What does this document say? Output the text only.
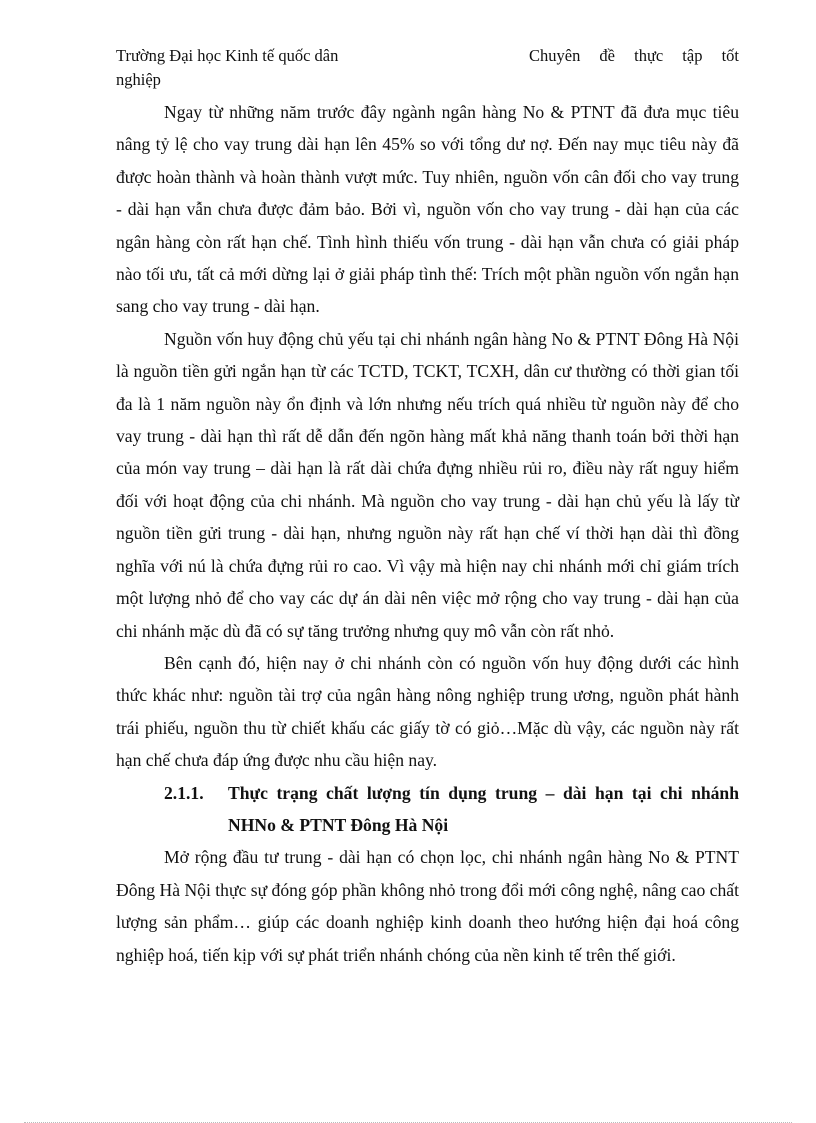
Trường Đại học Kinh tế quốc dân	Chuyên đề thực tập tốt
nghiệp

Ngay từ những năm trước đây ngành ngân hàng No & PTNT đã đưa mục tiêu nâng tỷ lệ cho vay trung dài hạn lên 45% so với tổng dư nợ. Đến nay mục tiêu này đã được hoàn thành và hoàn thành vượt mức. Tuy nhiên, nguồn vốn cân đối cho vay trung - dài hạn vẫn chưa được đảm bảo. Bởi vì, nguồn vốn cho vay trung - dài hạn của các ngân hàng còn rất hạn chế. Tình hình thiếu vốn trung - dài hạn vẫn chưa có giải pháp nào tối ưu, tất cả mới dừng lại ở giải pháp tình thế: Trích một phần nguồn vốn ngắn hạn sang cho vay trung - dài hạn.

Nguồn vốn huy động chủ yếu tại chi nhánh ngân hàng No & PTNT Đông Hà Nội là nguồn tiền gửi ngắn hạn từ các TCTD, TCKT, TCXH, dân cư thường có thời gian tối đa là 1 năm nguồn này ổn định và lớn nhưng nếu trích quá nhiều từ nguồn này để cho vay trung - dài hạn thì rất dễ dẫn đến ngõn hàng mất khả năng thanh toán bởi thời hạn của món vay trung – dài hạn là rất dài chứa đựng nhiều rủi ro, điều này rất nguy hiểm đối với hoạt động của chi nhánh. Mà nguồn cho vay trung - dài hạn chủ yếu là lấy từ nguồn tiền gửi trung - dài hạn, nhưng nguồn này rất hạn chế ví thời hạn dài thì đồng nghĩa với nú là chứa đựng rủi ro cao. Vì vậy mà hiện nay chi nhánh mới chỉ giám trích một lượng nhỏ để cho vay các dự án dài nên việc mở rộng cho vay trung - dài hạn của chi nhánh mặc dù đã có sự tăng trưởng nhưng quy mô vẫn còn rất nhỏ.

Bên cạnh đó, hiện nay ở chi nhánh còn có nguồn vốn huy động dưới các hình thức khác như: nguồn tài trợ của ngân hàng nông nghiệp trung ương, nguồn phát hành trái phiếu, nguồn thu từ chiết khấu các giấy tờ có giỏ…Mặc dù vậy, các nguồn này rất hạn chế chưa đáp ứng được nhu cầu hiện nay.

2.1.1.	Thực trạng chất lượng tín dụng trung – dài hạn tại chi nhánh NHNo & PTNT Đông Hà Nội

Mở rộng đầu tư trung - dài hạn có chọn lọc, chi nhánh ngân hàng No & PTNT Đông Hà Nội thực sự đóng góp phần không nhỏ trong đổi mới công nghệ, nâng cao chất lượng sản phẩm… giúp các doanh nghiệp kinh doanh theo hướng hiện đại hoá công nghiệp hoá, tiến kịp với sự phát triển nhánh chóng của nền kinh tế trên thế giới.
